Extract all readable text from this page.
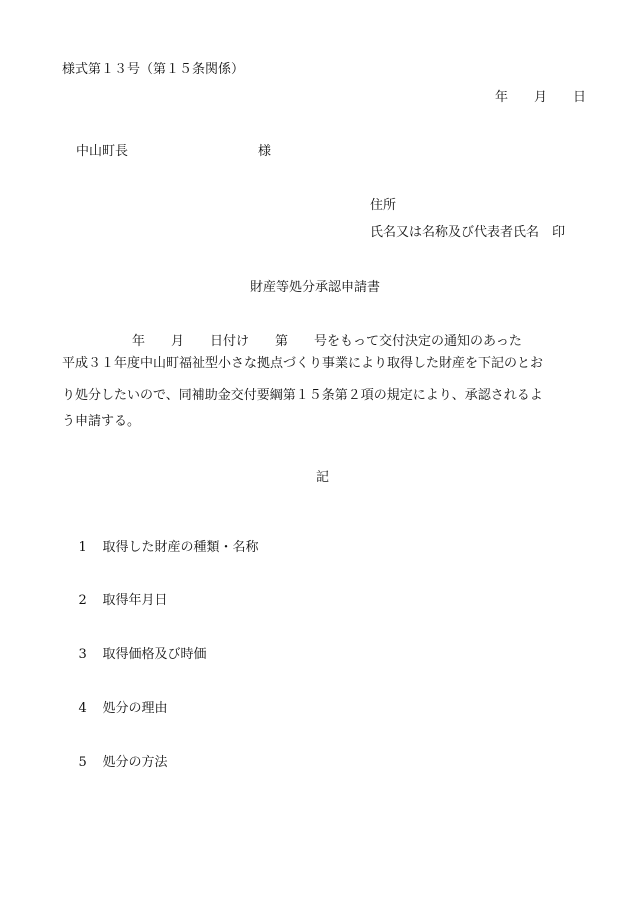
様式第１３号（第１５条関係）
年　　月　　日
中山町長　　　　　　　　　　様
住所
氏名又は名称及び代表者氏名　印
財産等処分承認申請書
年　　月　　日付け　　第　　号をもって交付決定の通知のあった
平成３１年度中山町福祉型小さな拠点づくり事業により取得した財産を下記のとお
り処分したいので、同補助金交付要綱第１５条第２項の規定により、承認されるよ
う申請する。
記

1 取得した財産の種類・名称

2 取得年月日

3 取得価格及び時価

4 処分の理由

5 処分の方法
